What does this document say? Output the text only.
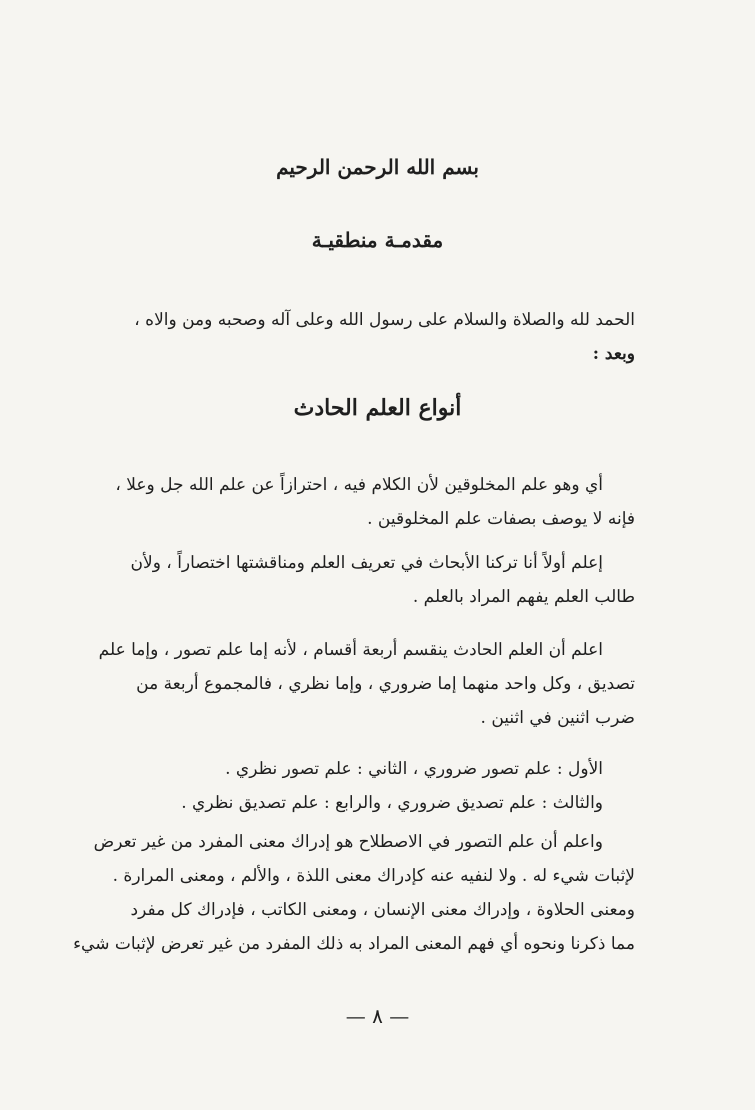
بسم الله الرحمن الرحيم
مقدمـة منطقيـة
الحمد لله والصلاة والسلام على رسول الله وعلى آله وصحبه ومن والاه ،
وبعد :
أنواع العلم الحادث
أي وهو علم المخلوقين لأن الكلام فيه ، احترازاً عن علم الله جل وعلا ،
فإنه لا يوصف بصفات علم المخلوقين .
إعلم أولاً أنا تركنا الأبحاث في تعريف العلم ومناقشتها اختصاراً ، ولأن
طالب العلم يفهم المراد بالعلم .
اعلم أن العلم الحادث ينقسم أربعة أقسام ، لأنه إما علم تصور ، وإما علم
تصديق ، وكل واحد منهما إما ضروري ، وإما نظري ، فالمجموع أربعة من
ضرب اثنين في اثنين .
الأول : علم تصور ضروري ، الثاني : علم تصور نظري .
والثالث : علم تصديق ضروري ، والرابع : علم تصديق نظري .
واعلم أن علم التصور في الاصطلاح هو إدراك معنى المفرد من غير تعرض
لإثبات شيء له . ولا لنفيه عنه كإدراك معنى اللذة ، والألم ، ومعنى المرارة .
ومعنى الحلاوة ، وإدراك معنى الإنسان ، ومعنى الكاتب ، فإدراك كل مفرد
مما ذكرنا ونحوه أي فهم المعنى المراد به ذلك المفرد من غير تعرض لإثبات شيء
— ٨ —
